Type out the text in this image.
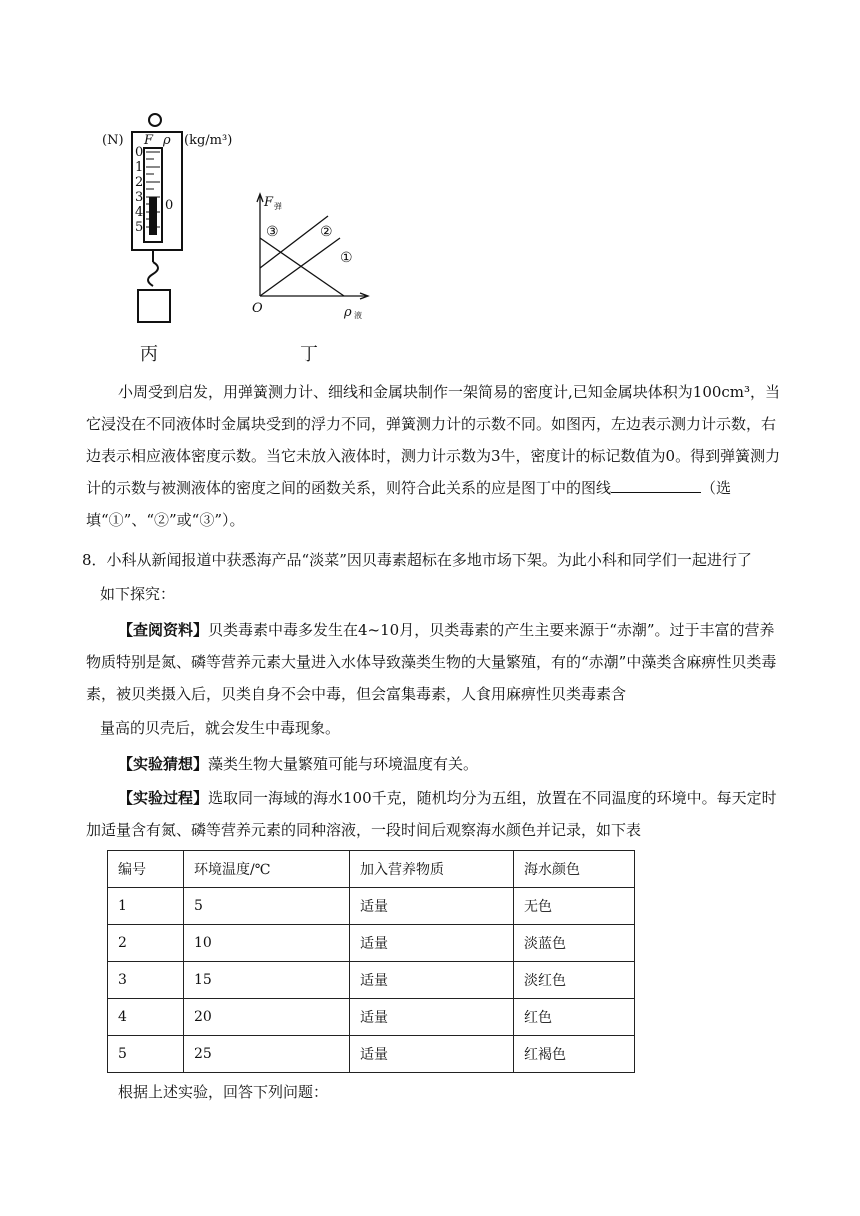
(N) F ρ (kg/m³)
0
1
2
3
4
5
0
丙
F 弹
ρ 液
O
③	②
①
丁

小周受到启发，用弹簧测力计、细线和金属块制作一架简易的密度计,已知金属块体积为100cm³，当它浸没在不同液体时金属块受到的浮力不同，弹簧测力计的示数不同。如图丙，左边表示测力计示数，右边表示相应液体密度示数。当它未放入液体时，测力计示数为3牛，密度计的标记数值为0。得到弹簧测力计的示数与被测液体的密度之间的函数关系，则符合此关系的应是图丁中的图线	（选填“①”、“②”或“③”）。

8．小科从新闻报道中获悉海产品“淡菜”因贝毒素超标在多地市场下架。为此小科和同学们一起进行了

如下探究：

【查阅资料】贝类毒素中毒多发生在4~10月，贝类毒素的产生主要来源于“赤潮”。过于丰富的营养物质特别是氮、磷等营养元素大量进入水体导致藻类生物的大量繁殖，有的“赤潮”中藻类含麻痹性贝类毒素，被贝类摄入后，贝类自身不会中毒，但会富集毒素，人食用麻痹性贝类毒素含

量高的贝壳后，就会发生中毒现象。

【实验猜想】藻类生物大量繁殖可能与环境温度有关。

【实验过程】选取同一海域的海水100千克，随机均分为五组，放置在不同温度的环境中。每天定时加适量含有氮、磷等营养元素的同种溶液，一段时间后观察海水颜色并记录，如下表

编号	环境温度/℃	加入营养物质	海水颜色
1	5	适量	无色
2	10	适量	淡蓝色
3	15	适量	淡红色
4	20	适量	红色
5	25	适量	红褐色

根据上述实验，回答下列问题：
